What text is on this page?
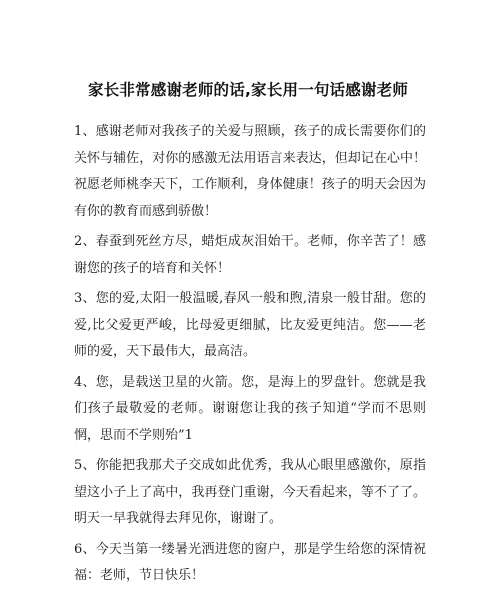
家长非常感谢老师的话,家长用一句话感谢老师

1、感谢老师对我孩子的关爱与照顾，孩子的成长需要你们的关怀与辅佐，对你的感激无法用语言来表达，但却记在心中！祝愿老师桃李天下，工作顺利，身体健康！孩子的明天会因为有你的教育而感到骄傲！

2、春蚕到死丝方尽，蜡炬成灰泪始干。老师，你辛苦了！感谢您的孩子的培育和关怀！

3、您的爱,太阳一般温暖,春风一般和煦,清泉一般甘甜。您的爱,比父爱更严峻，比母爱更细腻，比友爱更纯洁。您——老师的爱，天下最伟大，最高洁。

4、您，是载送卫星的火箭。您，是海上的罗盘针。您就是我们孩子最敬爱的老师。谢谢您让我的孩子知道“学而不思则惘，思而不学则殆”1

5、你能把我那犬子交成如此优秀，我从心眼里感激你，原指望这小子上了高中，我再登门重谢，今天看起来，等不了了。明天一早我就得去拜见你，谢谢了。

6、今天当第一缕暑光洒进您的窗户，那是学生给您的深情祝福：老师，节日快乐！
